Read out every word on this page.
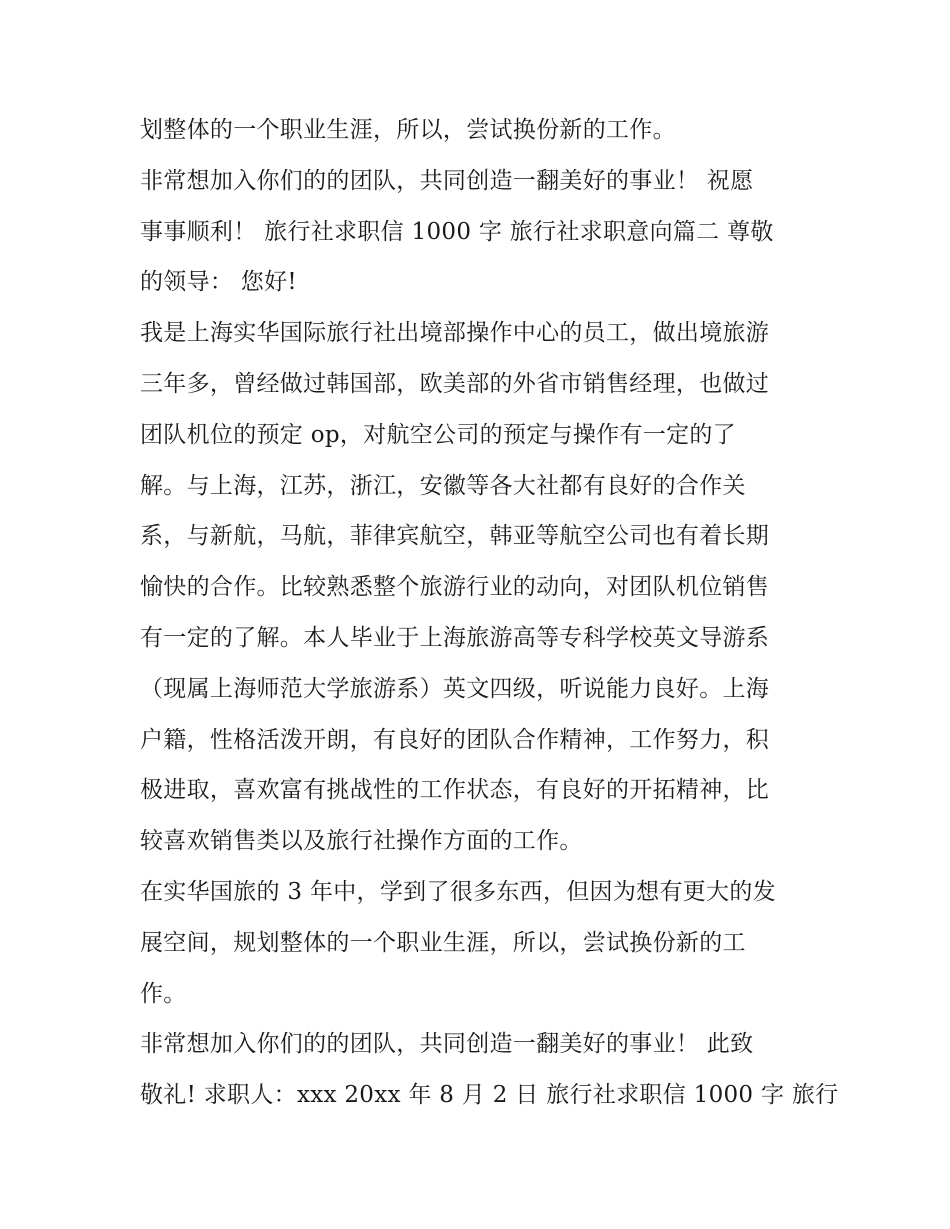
划整体的一个职业生涯，所以，尝试换份新的工作。
非常想加入你们的的团队，共同创造一翻美好的事业！ 祝愿
事事顺利！ 旅行社求职信 1000 字 旅行社求职意向篇二 尊敬
的领导： 您好!
我是上海实华国际旅行社出境部操作中心的员工，做出境旅游
三年多，曾经做过韩国部，欧美部的外省市销售经理，也做过
团队机位的预定 op，对航空公司的预定与操作有一定的了
解。与上海，江苏，浙江，安徽等各大社都有良好的合作关
系，与新航，马航，菲律宾航空，韩亚等航空公司也有着长期
愉快的合作。比较熟悉整个旅游行业的动向，对团队机位销售
有一定的了解。本人毕业于上海旅游高等专科学校英文导游系
（现属上海师范大学旅游系）英文四级，听说能力良好。上海
户籍，性格活泼开朗，有良好的团队合作精神，工作努力，积
极进取，喜欢富有挑战性的工作状态，有良好的开拓精神，比
较喜欢销售类以及旅行社操作方面的工作。
在实华国旅的 3 年中，学到了很多东西，但因为想有更大的发
展空间，规划整体的一个职业生涯，所以，尝试换份新的工
作。
非常想加入你们的的团队，共同创造一翻美好的事业！ 此致
敬礼! 求职人：xxx 20xx 年 8 月 2 日 旅行社求职信 1000 字 旅行
